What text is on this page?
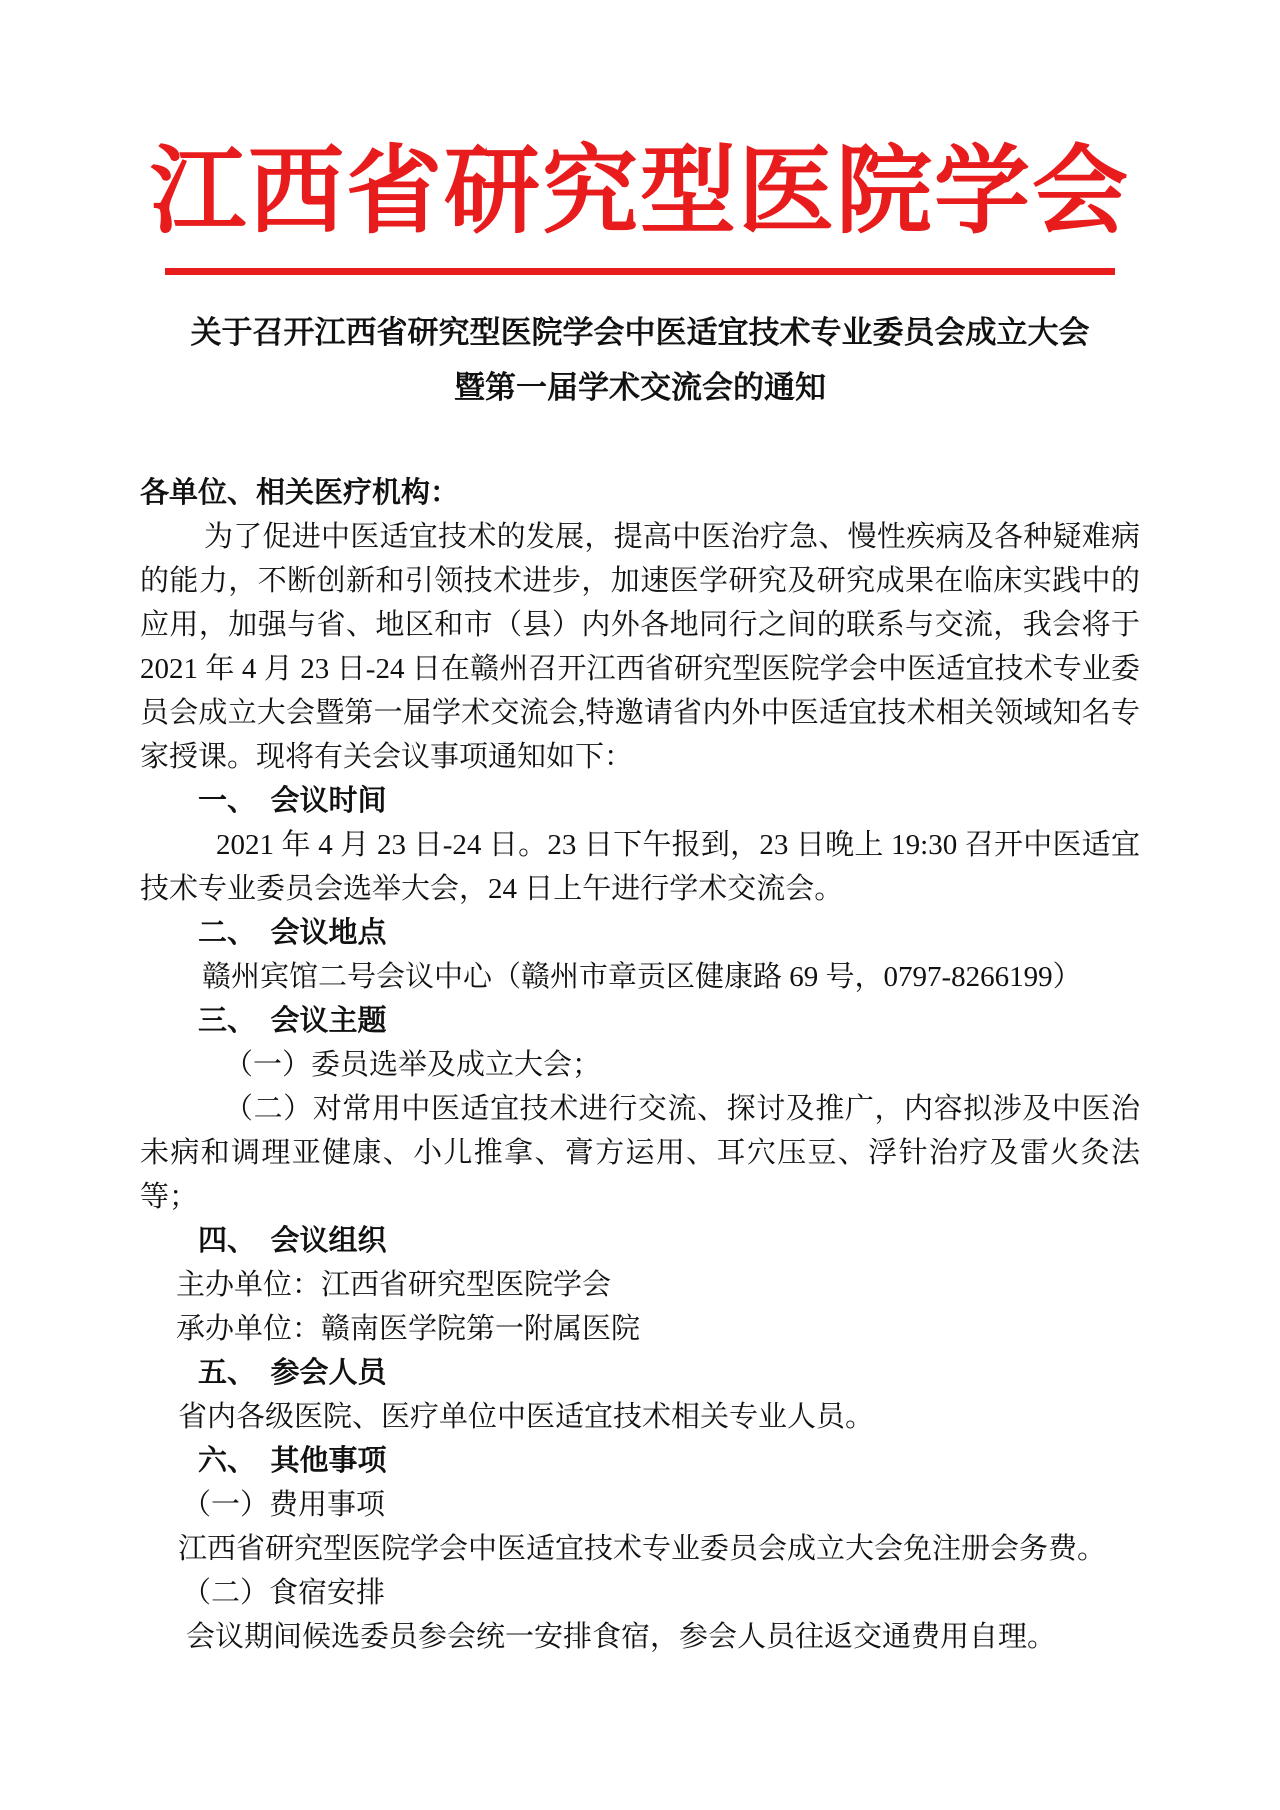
江西省研究型医院学会
关于召开江西省研究型医院学会中医适宜技术专业委员会成立大会
暨第一届学术交流会的通知

各单位、相关医疗机构：

为了促进中医适宜技术的发展，提高中医治疗急、慢性疾病及各种疑难病的能力，不断创新和引领技术进步，加速医学研究及研究成果在临床实践中的应用，加强与省、地区和市（县）内外各地同行之间的联系与交流，我会将于 2021 年 4 月 23 日-24 日在赣州召开江西省研究型医院学会中医适宜技术专业委员会成立大会暨第一届学术交流会,特邀请省内外中医适宜技术相关领域知名专家授课。现将有关会议事项通知如下：

一、　会议时间

2021 年 4 月 23 日-24 日。23 日下午报到，23 日晚上 19:30 召开中医适宜技术专业委员会选举大会，24 日上午进行学术交流会。

二、　会议地点

赣州宾馆二号会议中心（赣州市章贡区健康路 69 号，0797-8266199）

三、　会议主题

（一）委员选举及成立大会；

（二）对常用中医适宜技术进行交流、探讨及推广，内容拟涉及中医治未病和调理亚健康、小儿推拿、膏方运用、耳穴压豆、浮针治疗及雷火灸法等；

四、　会议组织

主办单位：江西省研究型医院学会

承办单位：赣南医学院第一附属医院

五、　参会人员

省内各级医院、医疗单位中医适宜技术相关专业人员。

六、　其他事项

（一）费用事项

江西省研究型医院学会中医适宜技术专业委员会成立大会免注册会务费。

（二）食宿安排

会议期间候选委员参会统一安排食宿，参会人员往返交通费用自理。
